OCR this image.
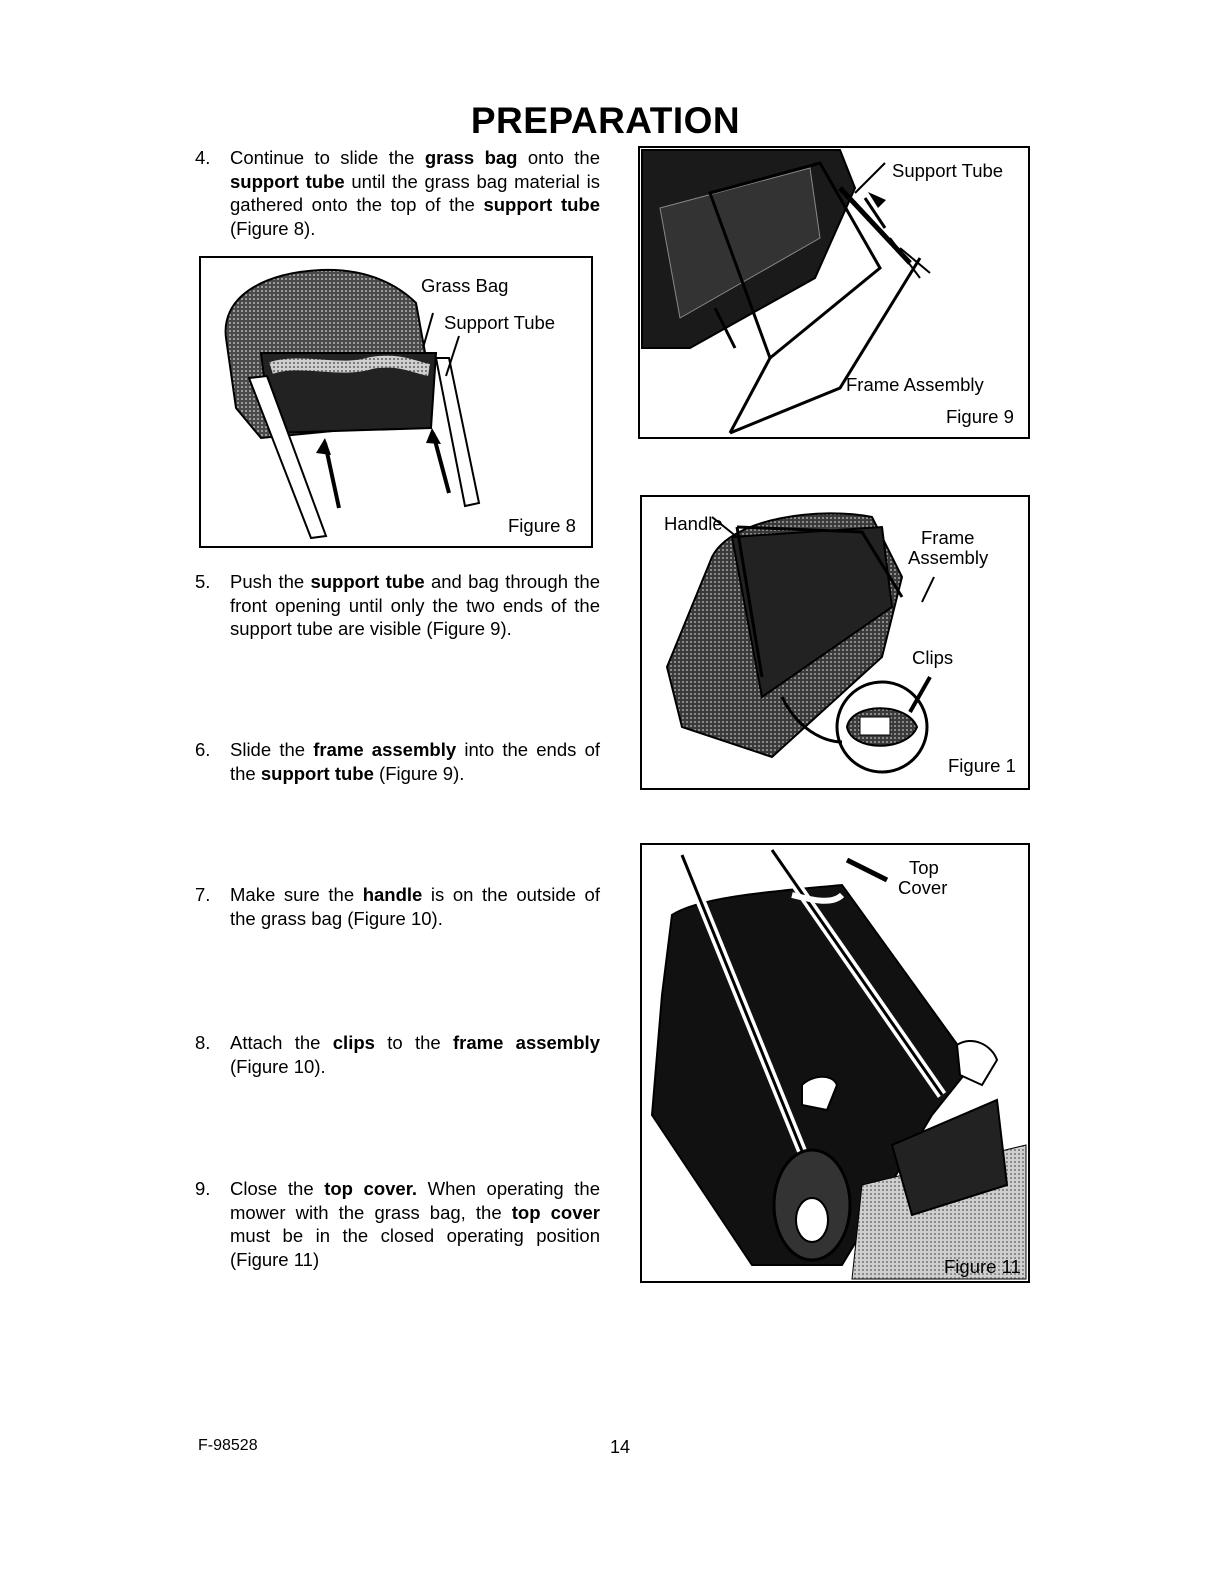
PREPARATION
4. Continue to slide the grass bag onto the support tube until the grass bag material is gathered onto the top of the support tube (Figure 8).
5. Push the support tube and bag through the front opening until only the two ends of the support tube are visible (Figure 9).
6. Slide the frame assembly into the ends of the support tube (Figure 9).
7. Make sure the handle is on the outside of the grass bag (Figure 10).
8. Attach the clips to the frame assembly (Figure 10).
9. Close the top cover. When operating the mower with the grass bag, the top cover must be in the closed operating position (Figure 11)
Grass Bag
Support Tube
Figure 8
Support Tube
Frame Assembly
Figure 9
Handle
Frame
Assembly
Clips
Figure 1
Top
Cover
Figure 11
F-98528	14
